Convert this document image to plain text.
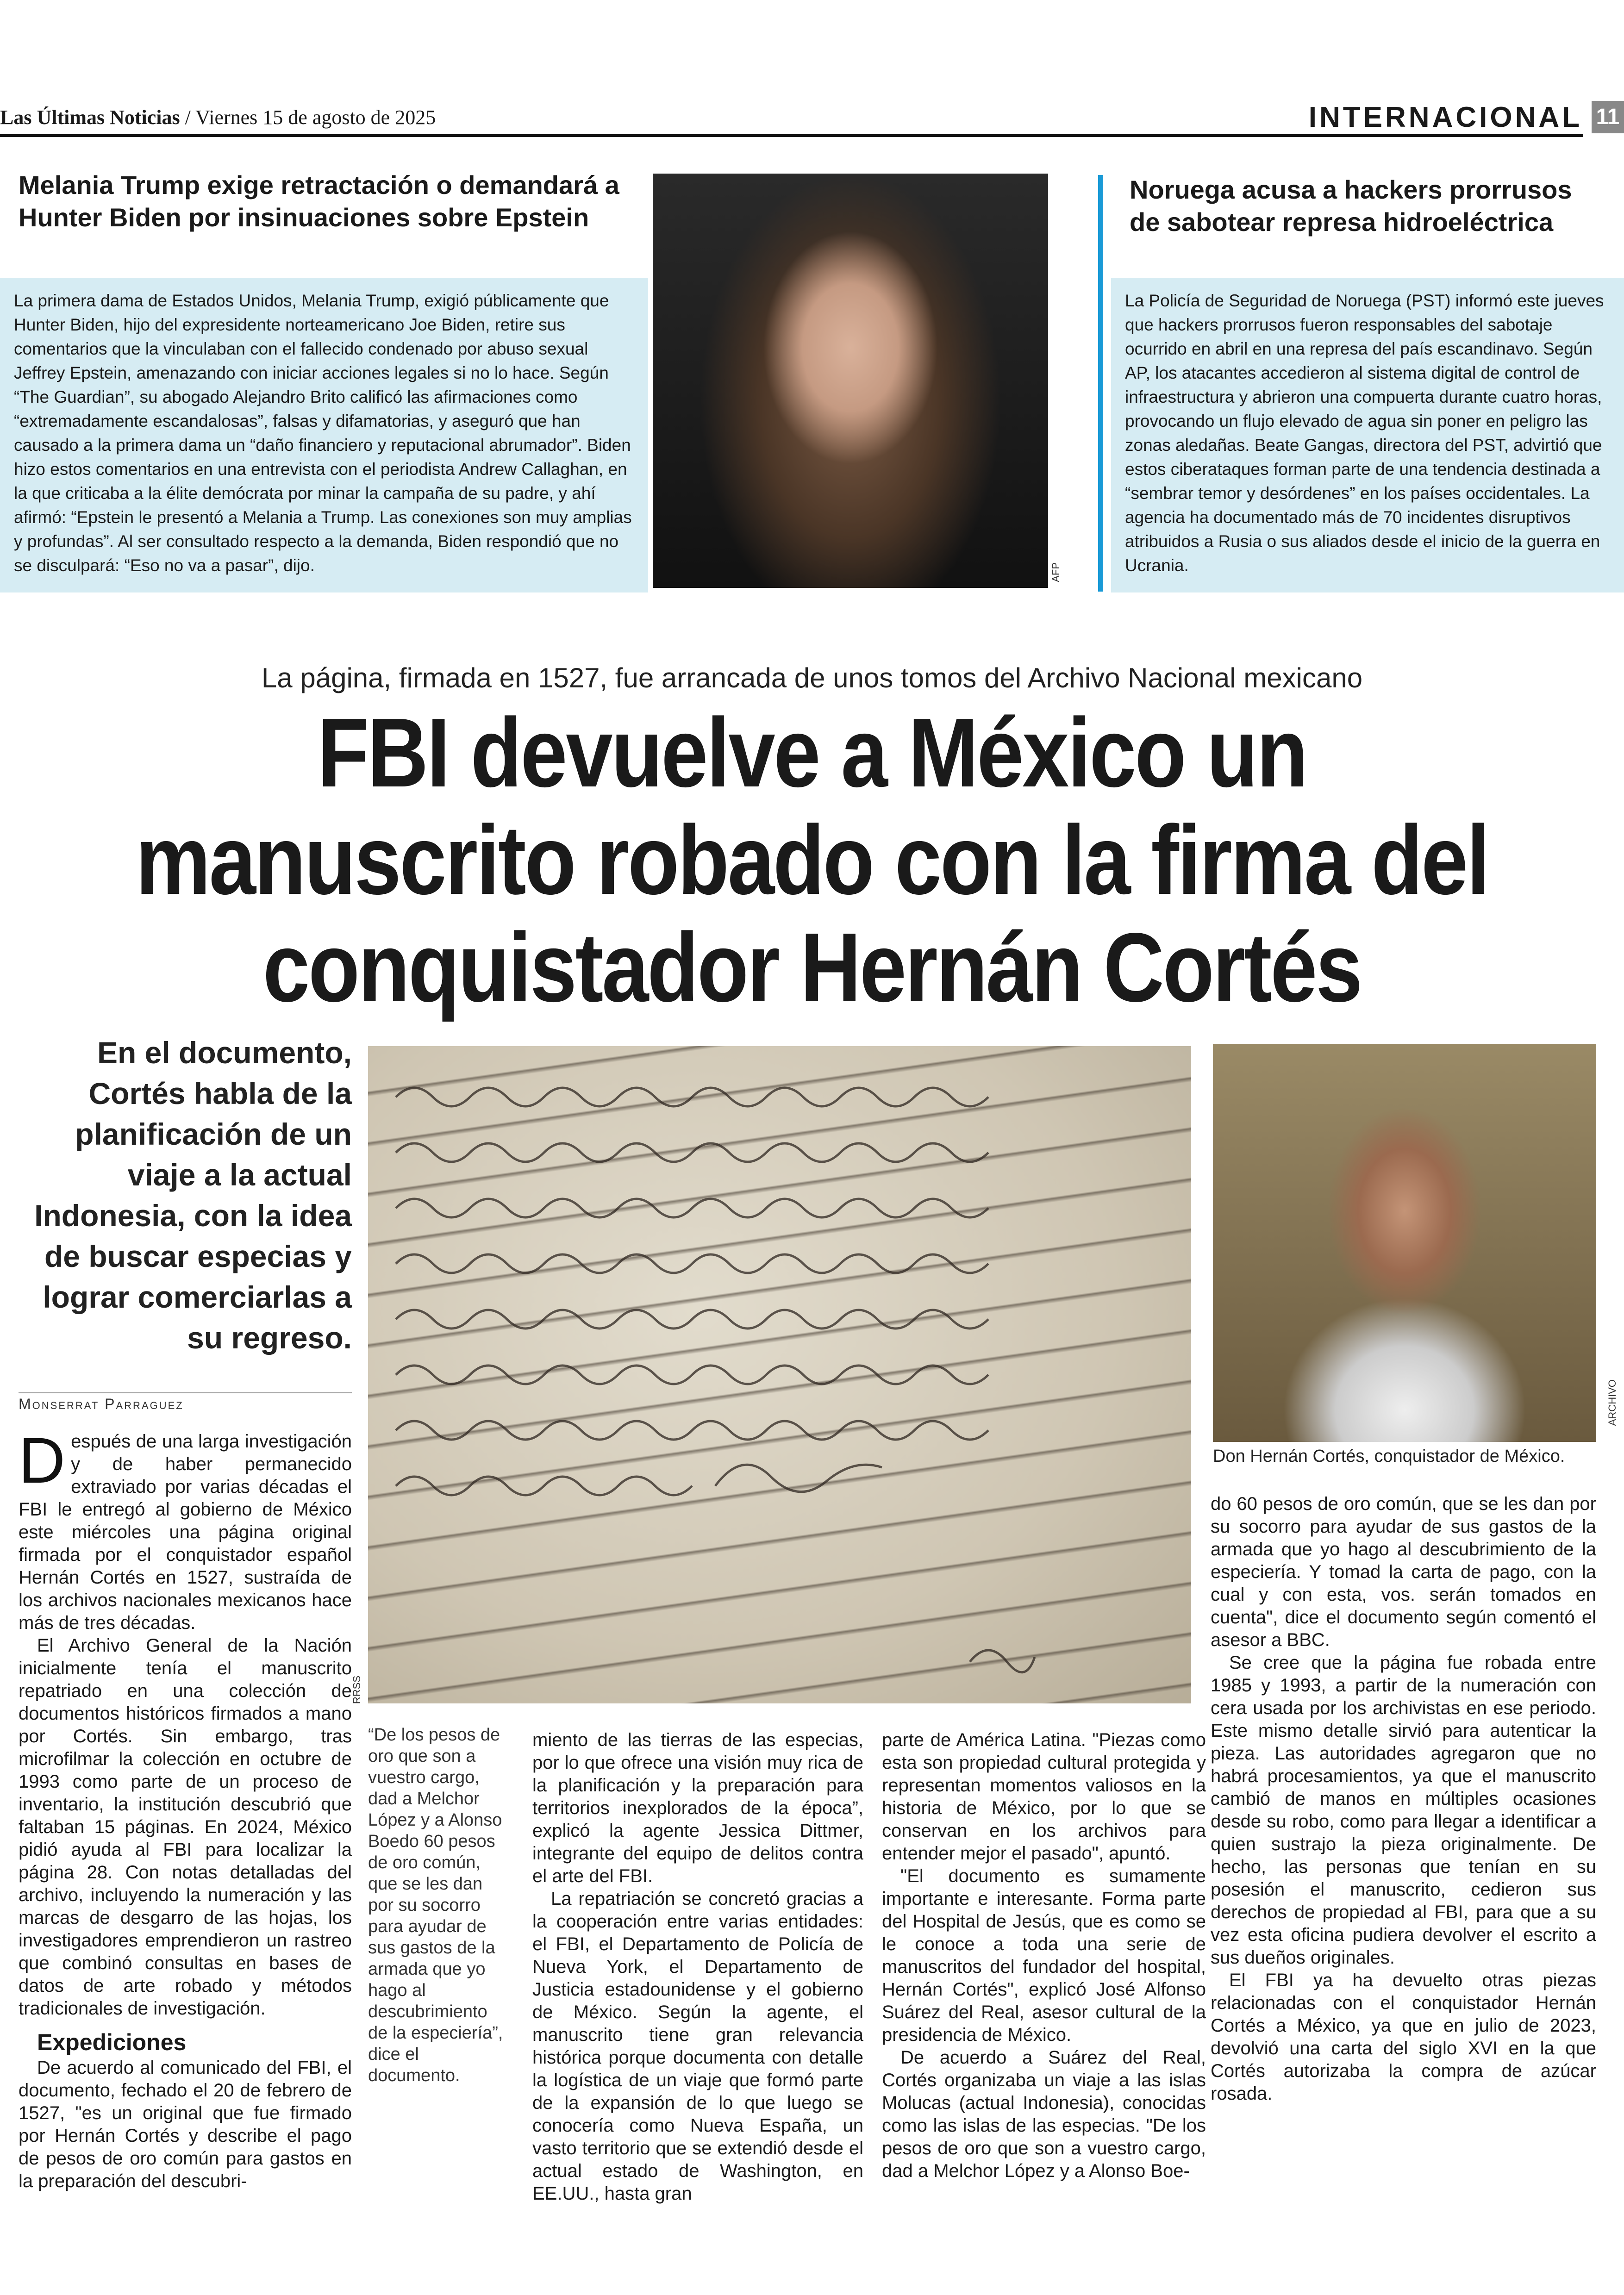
Las Últimas Noticias / Viernes 15 de agosto de 2025	INTERNACIONAL 11
Melania Trump exige retractación o demandará a Hunter Biden por insinuaciones sobre Epstein
La primera dama de Estados Unidos, Melania Trump, exigió públicamente que Hunter Biden, hijo del expresidente norteamericano Joe Biden, retire sus comentarios que la vinculaban con el fallecido condenado por abuso sexual Jeffrey Epstein, amenazando con iniciar acciones legales si no lo hace. Según “The Guardian”, su abogado Alejandro Brito calificó las afirmaciones como “extremadamente escandalosas”, falsas y difamatorias, y aseguró que han causado a la primera dama un “daño financiero y reputacional abrumador”. Biden hizo estos comentarios en una entrevista con el periodista Andrew Callaghan, en la que criticaba a la élite demócrata por minar la campaña de su padre, y ahí afirmó: “Epstein le presentó a Melania a Trump. Las conexiones son muy amplias y profundas”. Al ser consultado respecto a la demanda, Biden respondió que no se disculpará: “Eso no va a pasar”, dijo.	AFP
Noruega acusa a hackers prorrusos de sabotear represa hidroeléctrica
La Policía de Seguridad de Noruega (PST) informó este jueves que hackers prorrusos fueron responsables del sabotaje ocurrido en abril en una represa del país escandinavo. Según AP, los atacantes accedieron al sistema digital de control de infraestructura y abrieron una compuerta durante cuatro horas, provocando un flujo elevado de agua sin poner en peligro las zonas aledañas. Beate Gangas, directora del PST, advirtió que estos ciberataques forman parte de una tendencia destinada a “sembrar temor y desórdenes” en los países occidentales. La agencia ha documentado más de 70 incidentes disruptivos atribuidos a Rusia o sus aliados desde el inicio de la guerra en Ucrania.
La página, firmada en 1527, fue arrancada de unos tomos del Archivo Nacional mexicano
FBI devuelve a México un manuscrito robado con la firma del conquistador Hernán Cortés
En el documento, Cortés habla de la planificación de un viaje a la actual Indonesia, con la idea de buscar especias y lograr comerciarlas a su regreso.
RRSS
ARCHIVO
Don Hernán Cortés, conquistador de México.
Monserrat Parraguez

Después de una larga investigación y de haber permanecido extraviado por varias décadas el FBI le entregó al gobierno de México este miércoles una página original firmada por el conquistador español Hernán Cortés en 1527, sustraída de los archivos nacionales mexicanos hace más de tres décadas.

El Archivo General de la Nación inicialmente tenía el manuscrito repatriado en una colección de documentos históricos firmados a mano por Cortés. Sin embargo, tras microfilmar la colección en octubre de 1993 como parte de un proceso de inventario, la institución descubrió que faltaban 15 páginas. En 2024, México pidió ayuda al FBI para localizar la página 28. Con notas detalladas del archivo, incluyendo la numeración y las marcas de desgarro de las hojas, los investigadores emprendieron un rastreo que combinó consultas en bases de datos de arte robado y métodos tradicionales de investigación.

Expediciones

De acuerdo al comunicado del FBI, el documento, fechado el 20 de febrero de 1527, "es un original que fue firmado por Hernán Cortés y describe el pago de pesos de oro común para gastos en la preparación del descubri-

“De los pesos de oro que son a vuestro cargo, dad a Melchor López y a Alonso Boedo 60 pesos de oro común, que se les dan por su socorro para ayudar de sus gastos de la armada que yo hago al descubrimiento de la especiería”, dice el documento.

miento de las tierras de las especias, por lo que ofrece una visión muy rica de la planificación y la preparación para territorios inexplorados de la época”, explicó la agente Jessica Dittmer, integrante del equipo de delitos contra el arte del FBI.

La repatriación se concretó gracias a la cooperación entre varias entidades: el FBI, el Departamento de Policía de Nueva York, el Departamento de Justicia estadounidense y el gobierno de México. Según la agente, el manuscrito tiene gran relevancia histórica porque documenta con detalle la logística de un viaje que formó parte de la expansión de lo que luego se conocería como Nueva España, un vasto territorio que se extendió desde el actual estado de Washington, en EE.UU., hasta gran

parte de América Latina. "Piezas como esta son propiedad cultural protegida y representan momentos valiosos en la historia de México, por lo que se conservan en los archivos para entender mejor el pasado", apuntó.

"El documento es sumamente importante e interesante. Forma parte del Hospital de Jesús, que es como se le conoce a toda una serie de manuscritos del fundador del hospital, Hernán Cortés", explicó José Alfonso Suárez del Real, asesor cultural de la presidencia de México.

De acuerdo a Suárez del Real, Cortés organizaba un viaje a las islas Molucas (actual Indonesia), conocidas como las islas de las especias. "De los pesos de oro que son a vuestro cargo, dad a Melchor López y a Alonso Boe-

do 60 pesos de oro común, que se les dan por su socorro para ayudar de sus gastos de la armada que yo hago al descubrimiento de la especiería. Y tomad la carta de pago, con la cual y con esta, vos. serán tomados en cuenta", dice el documento según comentó el asesor a BBC.

Se cree que la página fue robada entre 1985 y 1993, a partir de la numeración con cera usada por los archivistas en ese periodo. Este mismo detalle sirvió para autenticar la pieza. Las autoridades agregaron que no habrá procesamientos, ya que el manuscrito cambió de manos en múltiples ocasiones desde su robo, como para llegar a identificar a quien sustrajo la pieza originalmente. De hecho, las personas que tenían en su posesión el manuscrito, cedieron sus derechos de propiedad al FBI, para que a su vez esta oficina pudiera devolver el escrito a sus dueños originales.

El FBI ya ha devuelto otras piezas relacionadas con el conquistador Hernán Cortés a México, ya que en julio de 2023, devolvió una carta del siglo XVI en la que Cortés autorizaba la compra de azúcar rosada.
